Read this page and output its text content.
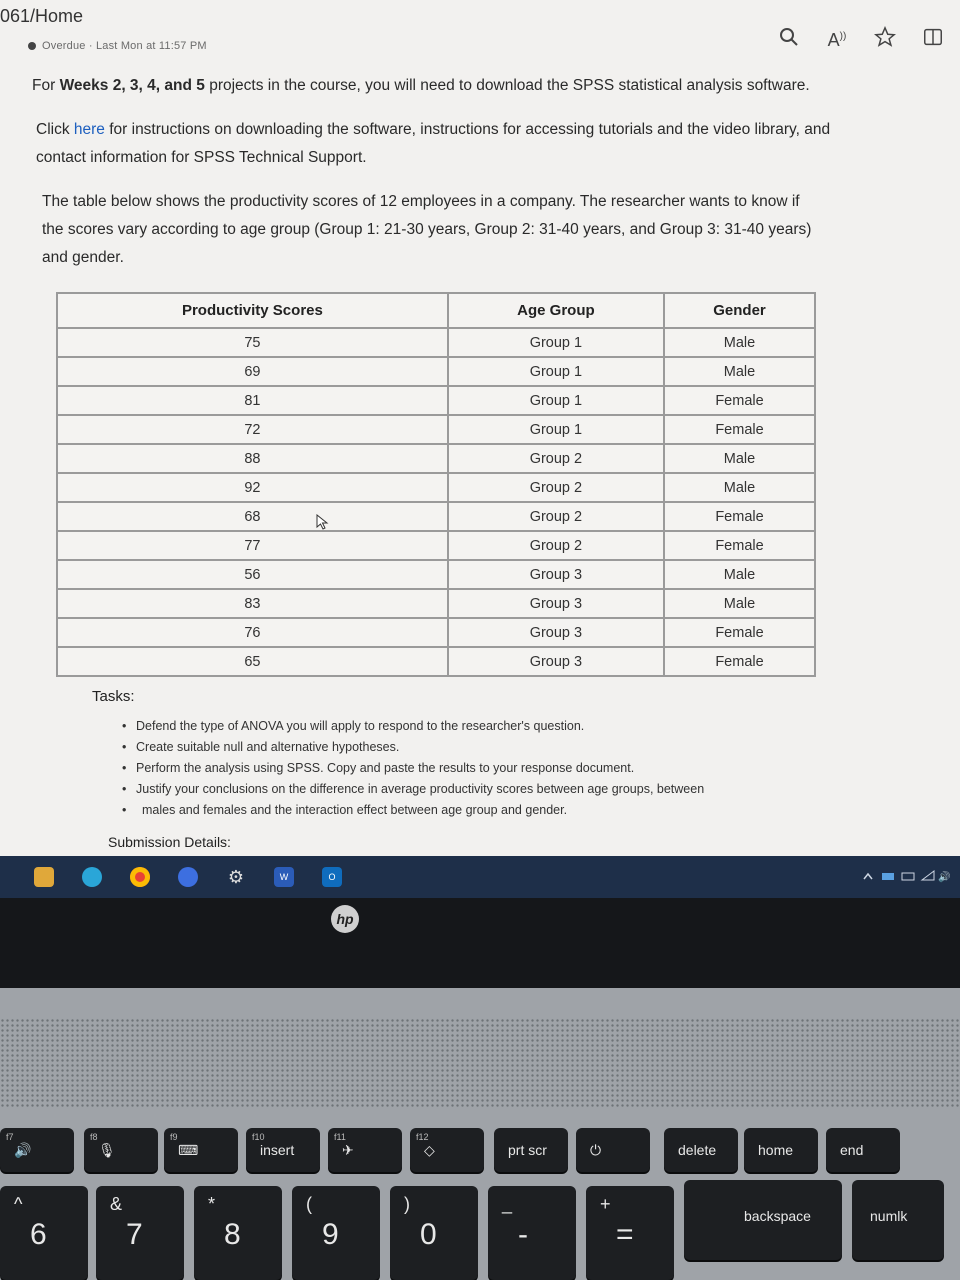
061/Home
Overdue · Last Mon at 11:57 PM	A))

For Weeks 2, 3, 4, and 5 projects in the course, you will need to download the SPSS statistical analysis software.

Click here for instructions on downloading the software, instructions for accessing tutorials and the video library, and contact information for SPSS Technical Support.

The table below shows the productivity scores of 12 employees in a company. The researcher wants to know if the scores vary according to age group (Group 1: 21-30 years, Group 2: 31-40 years, and Group 3: 31-40 years) and gender.

Productivity Scores	Age Group	Gender
75	Group 1	Male
69	Group 1	Male
81	Group 1	Female
72	Group 1	Female
88	Group 2	Male
92	Group 2	Male
68	Group 2	Female
77	Group 2	Female
56	Group 3	Male
83	Group 3	Male
76	Group 3	Female
65	Group 3	Female
Tasks:
• Defend the type of ANOVA you will apply to respond to the researcher's question.
• Create suitable null and alternative hypotheses.
• Perform the analysis using SPSS. Copy and paste the results to your response document.
• Justify your conclusions on the difference in average productivity scores between age groups, between
• males and females and the interaction effect between age group and gender.
Submission Details:
⚙	W	O	🔊
hp
f7
🔊
f8
🎙
f9
⌨
f10
insert
f11
✈
f12
◇	prt scr	⏻	delete	home	end
^
6
&
7
*
8
(
9
)
0
_
-
+
=
backspace	numlk
